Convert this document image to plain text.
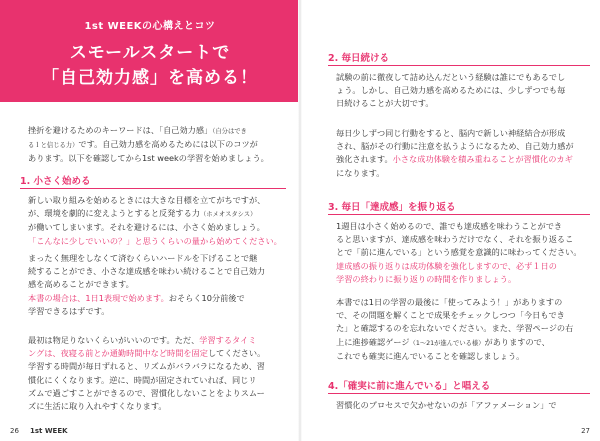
1st WEEKの心構えとコツ
スモールスタートで
「自己効力感」を高める！
挫折を避けるためのキーワードは、「自己効力感」（自分はでき
るｌと信じる力）です。自己効力感を高めるためには以下のコツが
あります。以下を確認してから1st weekの学習を始めましょう。
1. 小さく始める
新しい取り組みを始めるときには大きな目標を立てがちですが、
が、環境を劇的に変えようとすると反発する力（ホメオスタシス）
が働いてしまいます。それを避けるには、小さく始めましょう。
「こんなに少しでいいの？」と思うくらいの量から始めてください。
まったく無理をしなくて済むくらいハードルを下げることで継
続することができ、小さな達成感を味わい続けることで自己効力
感を高めることができます。
本書の場合は、1日1表現で始めます。おそらく10分前後で
学習できるはずです。
最初は物足りないくらいがいいのです。ただ、学習するタイミ
ングは、夜寝る前とか通勤時間中など時間を固定してください。
学習する時間が毎日ずれると、リズムがバラバラになるため、習
慣化にくくなります。逆に、時間が固定されていれば、同じリ
ズムで過ごすことができるので、習慣化しないことをよりスムー
ズに生活に取り入れやすくなります。
26 1st WEEK
2. 毎日続ける
試験の前に徹夜して詰め込んだという経験は誰にでもあるでし
ょう。しかし、自己効力感を高めるためには、少しずつでも毎
日続けることが大切です。
毎日少しずつ同じ行動をすると、脳内で新しい神経結合が形成
され、脳がその行動に注意を払うようになるため、自己効力感が
強化されます。小さな成功体験を積み重ねることが習慣化のカギ
になります。
3. 毎日「達成感」を振り返る
1週目は小さく始めるので、誰でも達成感を味わうことができ
ると思いますが、達成感を味わうだけでなく、それを振り返るこ
とで「前に進んでいる」という感覚を意識的に味わってください。
達成感の振り返りは成功体験を強化しますので、必ず１日の
学習の終わりに振り返りの時間を作りましょう。
本書では1日の学習の最後に「使ってみよう！」がありますの
で、その問題を解くことで成果をチェックしつつ「今日もでき
た」と確認するのを忘れないでください。また、学習ページの右
上に進捗確認ゲージ（1〜21が進んでいる様）がありますので、
これでも確実に進んでいることを確認しましょう。
4.「確実に前に進んでいる」と唱える
習慣化のプロセスで欠かせないのが「アファメーション」で
27
